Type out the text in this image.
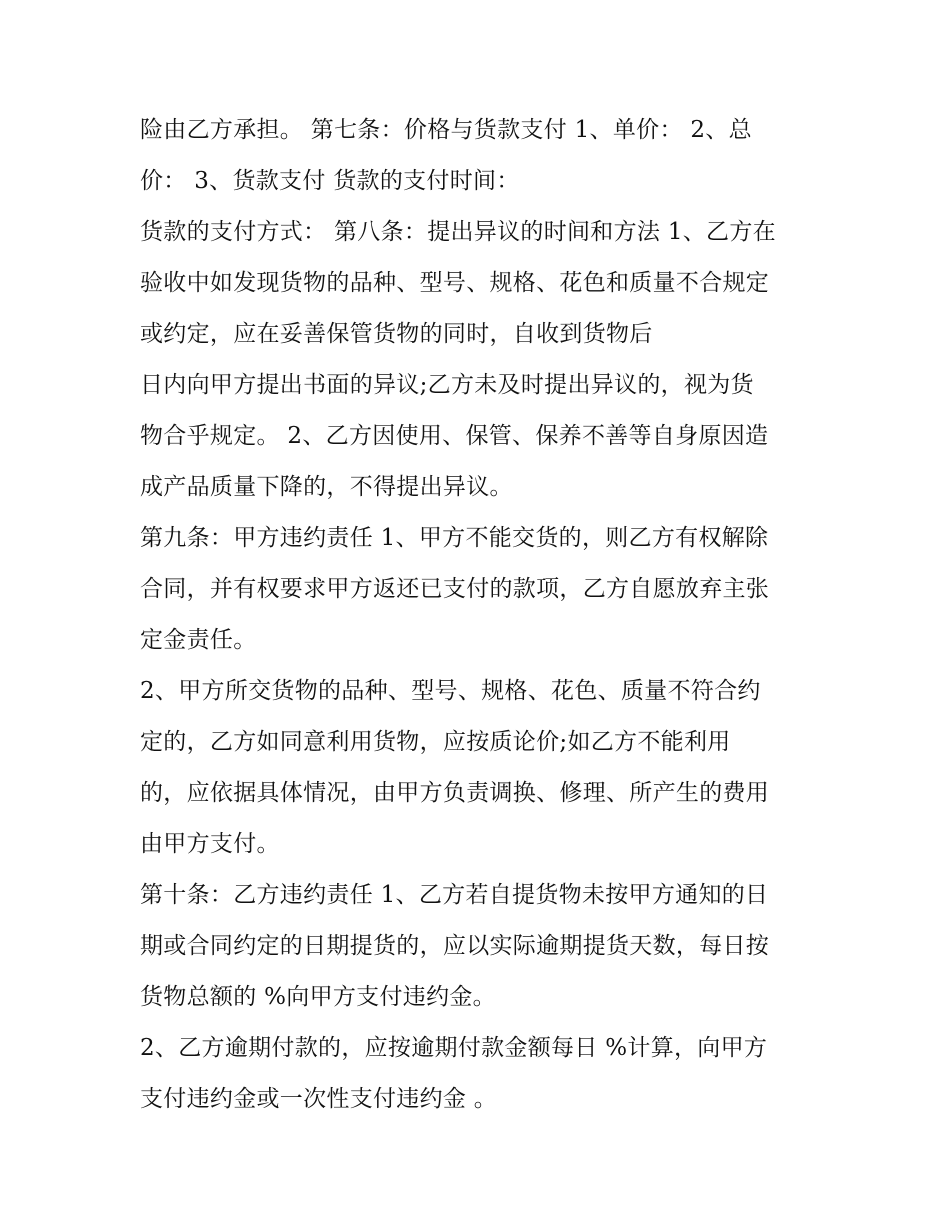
险由乙方承担。 第七条：价格与货款支付 1、单价： 2、总
价： 3、货款支付 货款的支付时间：
货款的支付方式： 第八条：提出异议的时间和方法 1、乙方在
验收中如发现货物的品种、型号、规格、花色和质量不合规定
或约定，应在妥善保管货物的同时，自收到货物后
日内向甲方提出书面的异议;乙方未及时提出异议的，视为货
物合乎规定。 2、乙方因使用、保管、保养不善等自身原因造
成产品质量下降的，不得提出异议。
第九条：甲方违约责任 1、甲方不能交货的，则乙方有权解除
合同，并有权要求甲方返还已支付的款项，乙方自愿放弃主张
定金责任。
2、甲方所交货物的品种、型号、规格、花色、质量不符合约
定的，乙方如同意利用货物，应按质论价;如乙方不能利用
的，应依据具体情况，由甲方负责调换、修理、所产生的费用
由甲方支付。
第十条：乙方违约责任 1、乙方若自提货物未按甲方通知的日
期或合同约定的日期提货的，应以实际逾期提货天数，每日按
货物总额的 %向甲方支付违约金。
2、乙方逾期付款的，应按逾期付款金额每日 %计算，向甲方
支付违约金或一次性支付违约金 。
